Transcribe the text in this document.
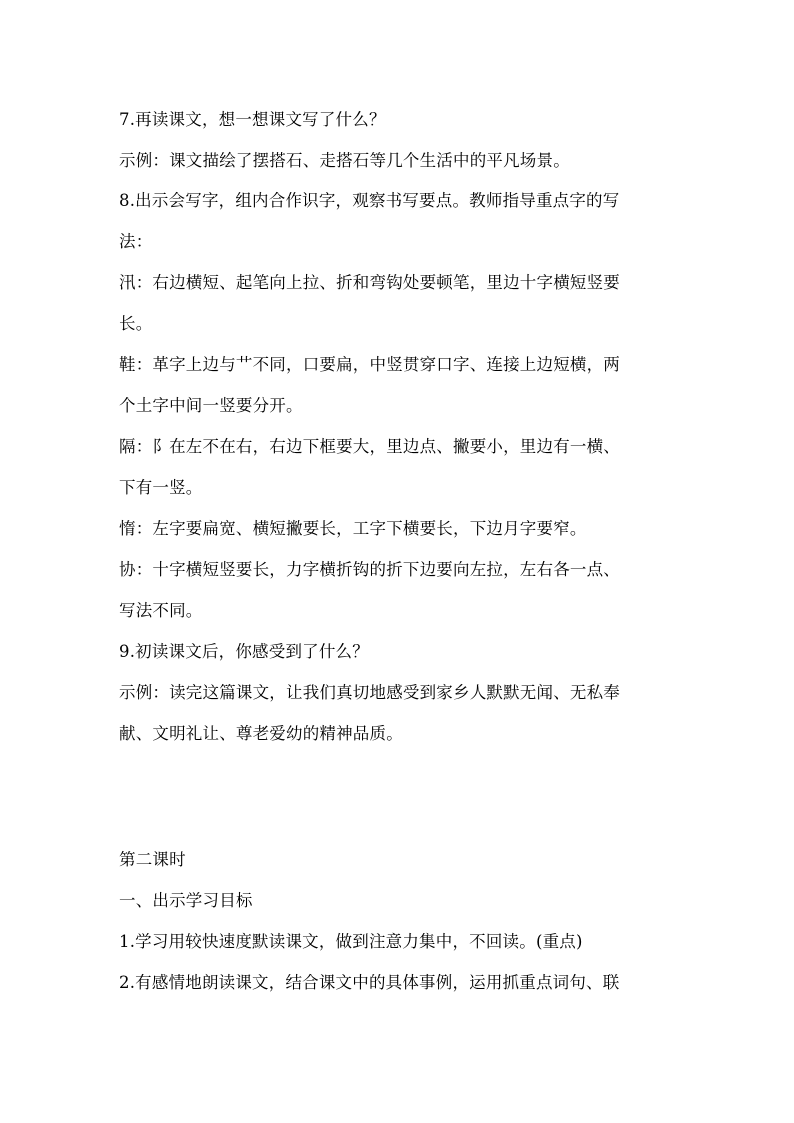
7.再读课文，想一想课文写了什么？
示例：课文描绘了摆搭石、走搭石等几个生活中的平凡场景。
8.出示会写字，组内合作识字，观察书写要点。教师指导重点字的写
法：
汛：右边横短、起笔向上拉、折和弯钩处要顿笔，里边十字横短竖要
长。
鞋：革字上边与艹不同，口要扁，中竖贯穿口字、连接上边短横，两
个土字中间一竖要分开。
隔：阝在左不在右，右边下框要大，里边点、撇要小，里边有一横、
下有一竖。
惰：左字要扁宽、横短撇要长，工字下横要长，下边月字要窄。
协：十字横短竖要长，力字横折钩的折下边要向左拉，左右各一点、
写法不同。
9.初读课文后，你感受到了什么？
示例：读完这篇课文，让我们真切地感受到家乡人默默无闻、无私奉
献、文明礼让、尊老爱幼的精神品质。
第二课时
一、出示学习目标
1.学习用较快速度默读课文，做到注意力集中，不回读。(重点)
2.有感情地朗读课文，结合课文中的具体事例，运用抓重点词句、联
